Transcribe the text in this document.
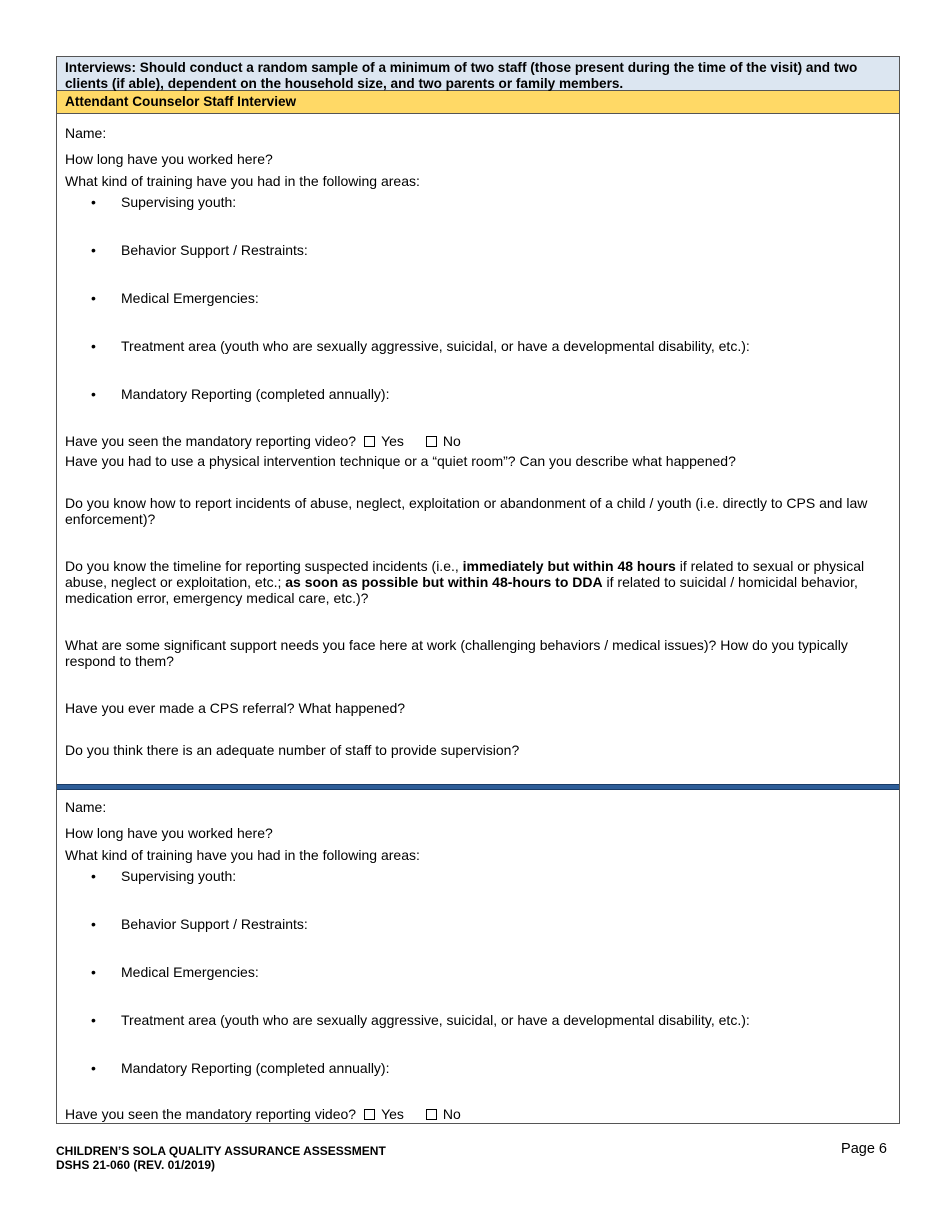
Interviews: Should conduct a random sample of a minimum of two staff (those present during the time of the visit) and two clients (if able), dependent on the household size, and two parents or family members.
Attendant Counselor Staff Interview
Name:
How long have you worked here?
What kind of training have you had in the following areas:
• Supervising youth:
• Behavior Support / Restraints:
• Medical Emergencies:
• Treatment area (youth who are sexually aggressive, suicidal, or have a developmental disability, etc.):
• Mandatory Reporting (completed annually):
Have you seen the mandatory reporting video? Yes	No
Have you had to use a physical intervention technique or a “quiet room”? Can you describe what happened?
Do you know how to report incidents of abuse, neglect, exploitation or abandonment of a child / youth (i.e. directly to CPS and law enforcement)?
Do you know the timeline for reporting suspected incidents (i.e., immediately but within 48 hours if related to sexual or physical abuse, neglect or exploitation, etc.; as soon as possible but within 48-hours to DDA if related to suicidal / homicidal behavior, medication error, emergency medical care, etc.)?
What are some significant support needs you face here at work (challenging behaviors / medical issues)? How do you typically respond to them?
Have you ever made a CPS referral? What happened?
Do you think there is an adequate number of staff to provide supervision?
Name:
How long have you worked here?
What kind of training have you had in the following areas:
• Supervising youth:
• Behavior Support / Restraints:
• Medical Emergencies:
• Treatment area (youth who are sexually aggressive, suicidal, or have a developmental disability, etc.):
• Mandatory Reporting (completed annually):
Have you seen the mandatory reporting video? Yes	No
CHILDREN’S SOLA QUALITY ASSURANCE ASSESSMENT
DSHS 21-060 (REV. 01/2019)
Page 6
